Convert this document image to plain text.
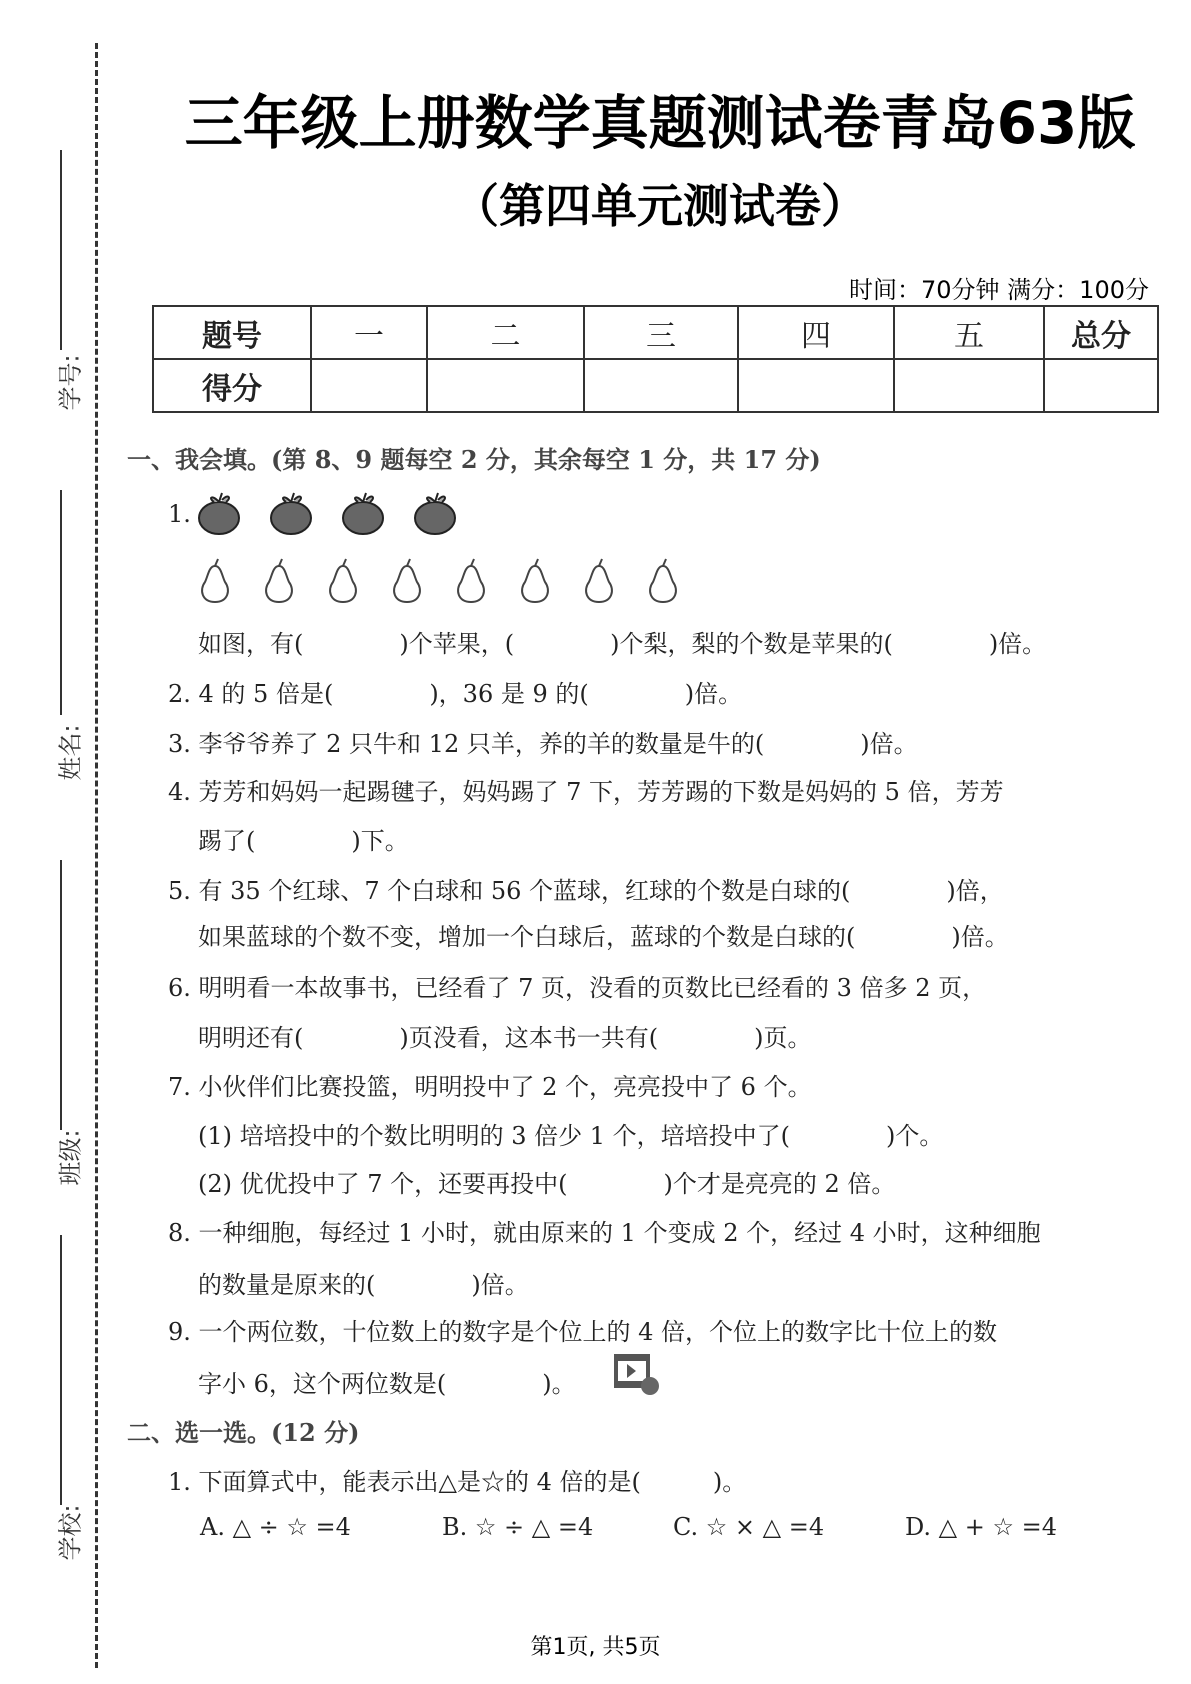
学号:
姓名:
班级:
学校:
三年级上册数学真题测试卷青岛63版
（第四单元测试卷）
时间：70分钟 满分：100分
题号	一	二	三	四	五	总分
得分						
一、我会填。(第 8、9 题每空 2 分，其余每空 1 分，共 17 分)
1.
如图，有(　　　　)个苹果，(　　　　)个梨，梨的个数是苹果的(　　　　)倍。
2. 4 的 5 倍是(　　　　)，36 是 9 的(　　　　)倍。
3. 李爷爷养了 2 只牛和 12 只羊，养的羊的数量是牛的(　　　　)倍。
4. 芳芳和妈妈一起踢毽子，妈妈踢了 7 下，芳芳踢的下数是妈妈的 5 倍，芳芳
踢了(　　　　)下。
5. 有 35 个红球、7 个白球和 56 个蓝球，红球的个数是白球的(　　　　)倍，
如果蓝球的个数不变，增加一个白球后，蓝球的个数是白球的(　　　　)倍。
6. 明明看一本故事书，已经看了 7 页，没看的页数比已经看的 3 倍多 2 页，
明明还有(　　　　)页没看，这本书一共有(　　　　)页。
7. 小伙伴们比赛投篮，明明投中了 2 个，亮亮投中了 6 个。
(1) 培培投中的个数比明明的 3 倍少 1 个，培培投中了(　　　　)个。
(2) 优优投中了 7 个，还要再投中(　　　　)个才是亮亮的 2 倍。
8. 一种细胞，每经过 1 小时，就由原来的 1 个变成 2 个，经过 4 小时，这种细胞
的数量是原来的(　　　　)倍。
9. 一个两位数，十位数上的数字是个位上的 4 倍，个位上的数字比十位上的数
字小 6，这个两位数是(　　　　)。
二、选一选。(12 分)
1. 下面算式中，能表示出△是☆的 4 倍的是(　　　)。
A. △ ÷ ☆ =4	B. ☆ ÷ △ =4	C. ☆ × △ =4	D. △ + ☆ =4
第1页, 共5页
